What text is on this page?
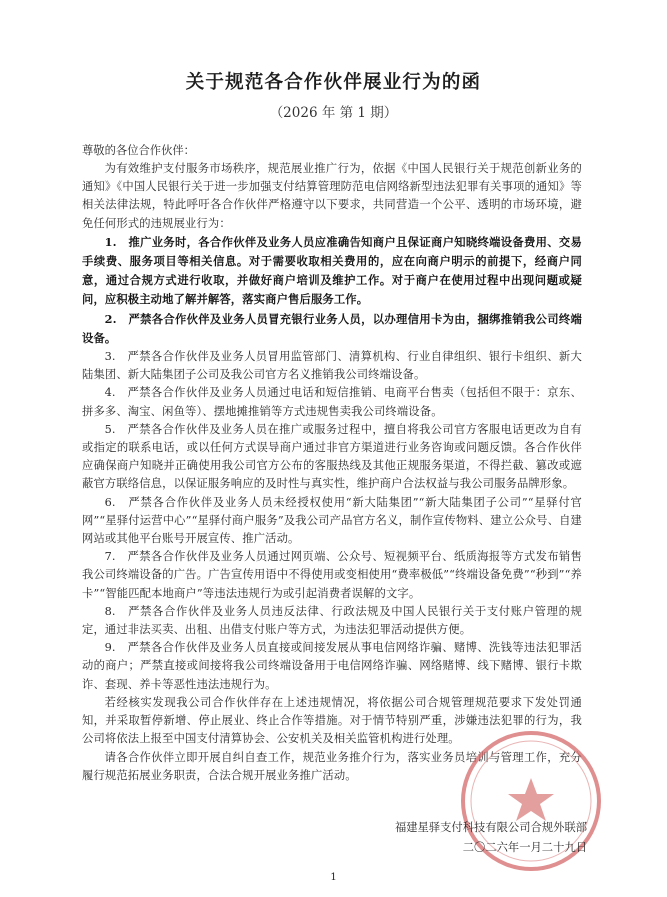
关于规范各合作伙伴展业行为的函
（2026 年 第 1 期）
尊敬的各位合作伙伴：

为有效维护支付服务市场秩序，规范展业推广行为，依据《中国人民银行关于规范创新业务的通知》《中国人民银行关于进一步加强支付结算管理防范电信网络新型违法犯罪有关事项的通知》等相关法律法规，特此呼吁各合作伙伴严格遵守以下要求，共同营造一个公平、透明的市场环境，避免任何形式的违规展业行为：

1.　推广业务时，各合作伙伴及业务人员应准确告知商户且保证商户知晓终端设备费用、交易手续费、服务项目等相关信息。对于需要收取相关费用的，应在向商户明示的前提下，经商户同意，通过合规方式进行收取，并做好商户培训及维护工作。对于商户在使用过程中出现问题或疑问，应积极主动地了解并解答，落实商户售后服务工作。

2.　严禁各合作伙伴及业务人员冒充银行业务人员，以办理信用卡为由，捆绑推销我公司终端设备。

3.　严禁各合作伙伴及业务人员冒用监管部门、清算机构、行业自律组织、银行卡组织、新大陆集团、新大陆集团子公司及我公司官方名义推销我公司终端设备。

4.　严禁各合作伙伴及业务人员通过电话和短信推销、电商平台售卖（包括但不限于：京东、拼多多、淘宝、闲鱼等）、摆地摊推销等方式违规售卖我公司终端设备。

5.　严禁各合作伙伴及业务人员在推广或服务过程中，擅自将我公司官方客服电话更改为自有或指定的联系电话，或以任何方式误导商户通过非官方渠道进行业务咨询或问题反馈。各合作伙伴应确保商户知晓并正确使用我公司官方公布的客服热线及其他正规服务渠道，不得拦截、篡改或遮蔽官方联络信息，以保证服务响应的及时性与真实性，维护商户合法权益与我公司服务品牌形象。

6.　严禁各合作伙伴及业务人员未经授权使用“新大陆集团”“新大陆集团子公司”“星驿付官网”“星驿付运营中心”“星驿付商户服务”及我公司产品官方名义，制作宣传物料、建立公众号、自建网站或其他平台账号开展宣传、推广活动。

7.　严禁各合作伙伴及业务人员通过网页端、公众号、短视频平台、纸质海报等方式发布销售我公司终端设备的广告。广告宣传用语中不得使用或变相使用“费率极低”“终端设备免费”“秒到”“养卡”“智能匹配本地商户”等违法违规行为或引起消费者误解的文字。

8.　严禁各合作伙伴及业务人员违反法律、行政法规及中国人民银行关于支付账户管理的规定，通过非法买卖、出租、出借支付账户等方式，为违法犯罪活动提供方便。

9.　严禁各合作伙伴及业务人员直接或间接发展从事电信网络诈骗、赌博、洗钱等违法犯罪活动的商户；严禁直接或间接将我公司终端设备用于电信网络诈骗、网络赌博、线下赌博、银行卡欺诈、套现、养卡等恶性违法违规行为。

若经核实发现我公司合作伙伴存在上述违规情况，将依据公司合规管理规范要求下发处罚通知，并采取暂停新增、停止展业、终止合作等措施。对于情节特别严重，涉嫌违法犯罪的行为，我公司将依法上报至中国支付清算协会、公安机关及相关监管机构进行处理。

请各合作伙伴立即开展自纠自查工作，规范业务推介行为，落实业务员培训与管理工作，充分履行规范拓展业务职责，合法合规开展业务推广活动。

福建星驿支付科技有限公司合规外联部
二〇二六年一月二十九日
1
